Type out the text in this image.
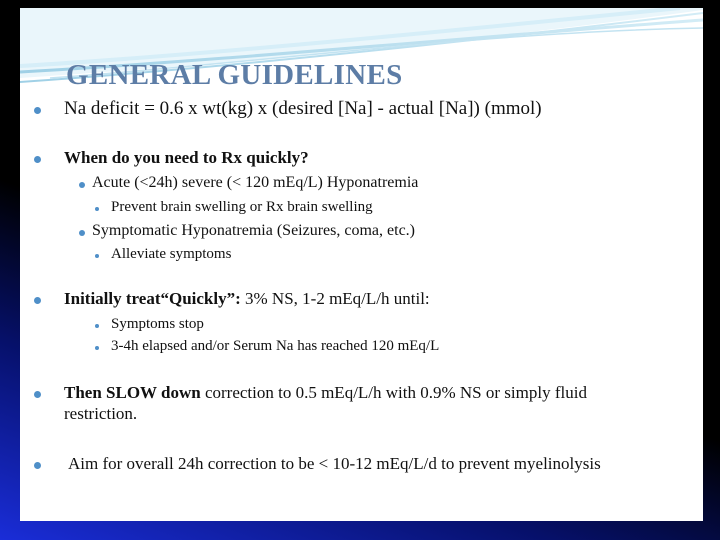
GENERAL GUIDELINES
Na deficit = 0.6 x wt(kg) x (desired [Na] - actual [Na]) (mmol)
When do you need to Rx quickly?
Acute (<24h) severe (< 120 mEq/L) Hyponatremia
Prevent brain swelling or Rx brain swelling
Symptomatic Hyponatremia (Seizures, coma, etc.)
Alleviate symptoms
Initially treat“Quickly”: 3% NS, 1-2 mEq/L/h until:
Symptoms stop
3-4h elapsed and/or Serum Na has reached 120 mEq/L
Then SLOW down correction to 0.5 mEq/L/h with 0.9% NS or simply fluid
restriction.
Aim for overall 24h correction to be < 10-12 mEq/L/d to prevent myelinolysis
